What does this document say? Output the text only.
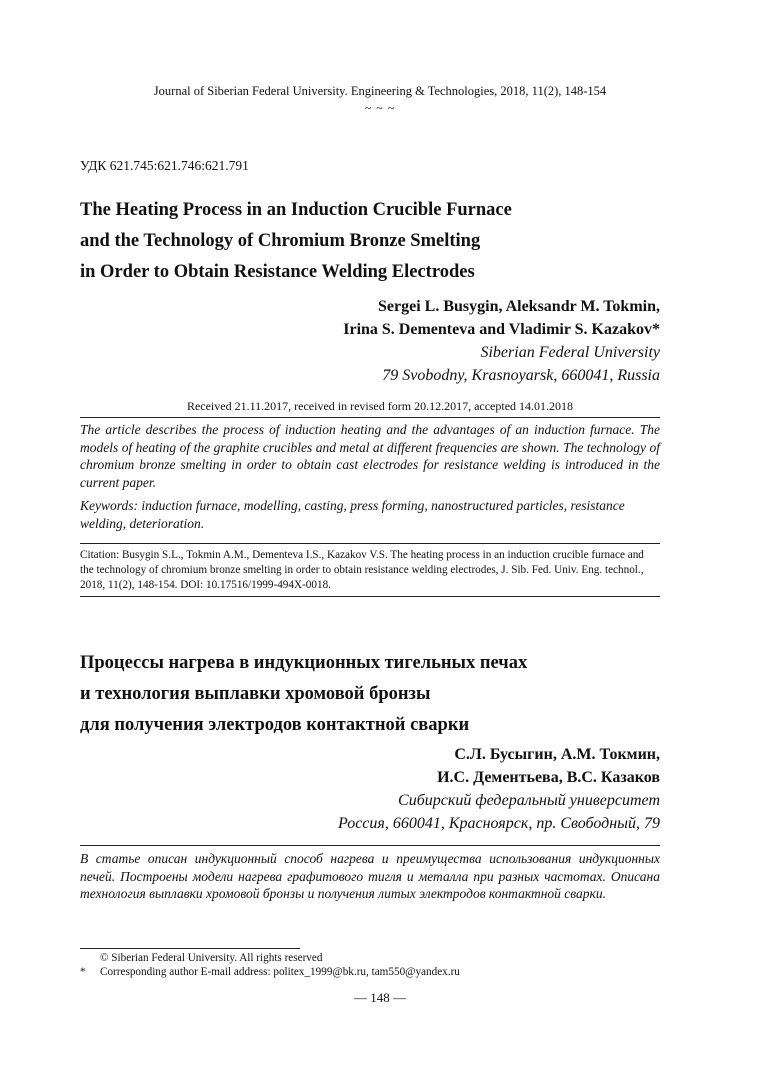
Journal of Siberian Federal University. Engineering & Technologies, 2018, 11(2), 148-154
~ ~ ~
УДК 621.745:621.746:621.791
The Heating Process in an Induction Crucible Furnace
and the Technology of Chromium Bronze Smelting
in Order to Obtain Resistance Welding Electrodes
Sergei L. Busygin, Aleksandr M. Tokmin,
Irina S. Dementeva and Vladimir S. Kazakov*
Siberian Federal University
79 Svobodny, Krasnoyarsk, 660041, Russia
Received 21.11.2017, received in revised form 20.12.2017, accepted 14.01.2018
The article describes the process of induction heating and the advantages of an induction furnace. The models of heating of the graphite crucibles and metal at different frequencies are shown. The technology of chromium bronze smelting in order to obtain cast electrodes for resistance welding is introduced in the current paper.
Keywords: induction furnace, modelling, casting, press forming, nanostructured particles, resistance welding, deterioration.
Citation: Busygin S.L., Tokmin A.M., Dementeva I.S., Kazakov V.S. The heating process in an induction crucible furnace and the technology of chromium bronze smelting in order to obtain resistance welding electrodes, J. Sib. Fed. Univ. Eng. technol., 2018, 11(2), 148-154. DOI: 10.17516/1999-494X-0018.
Процессы нагрева в индукционных тигельных печах
и технология выплавки хромовой бронзы
для получения электродов контактной сварки
С.Л. Бусыгин, А.М. Токмин,
И.С. Дементьева, В.С. Казаков
Сибирский федеральный университет
Россия, 660041, Красноярск, пр. Свободный, 79
В статье описан индукционный способ нагрева и преимущества использования индукционных печей. Построены модели нагрева графитового тигля и металла при разных частотах. Описана технология выплавки хромовой бронзы и получения литых электродов контактной сварки.
© Siberian Federal University. All rights reserved
* Corresponding author E-mail address: politex_1999@bk.ru, tam550@yandex.ru
— 148 —
